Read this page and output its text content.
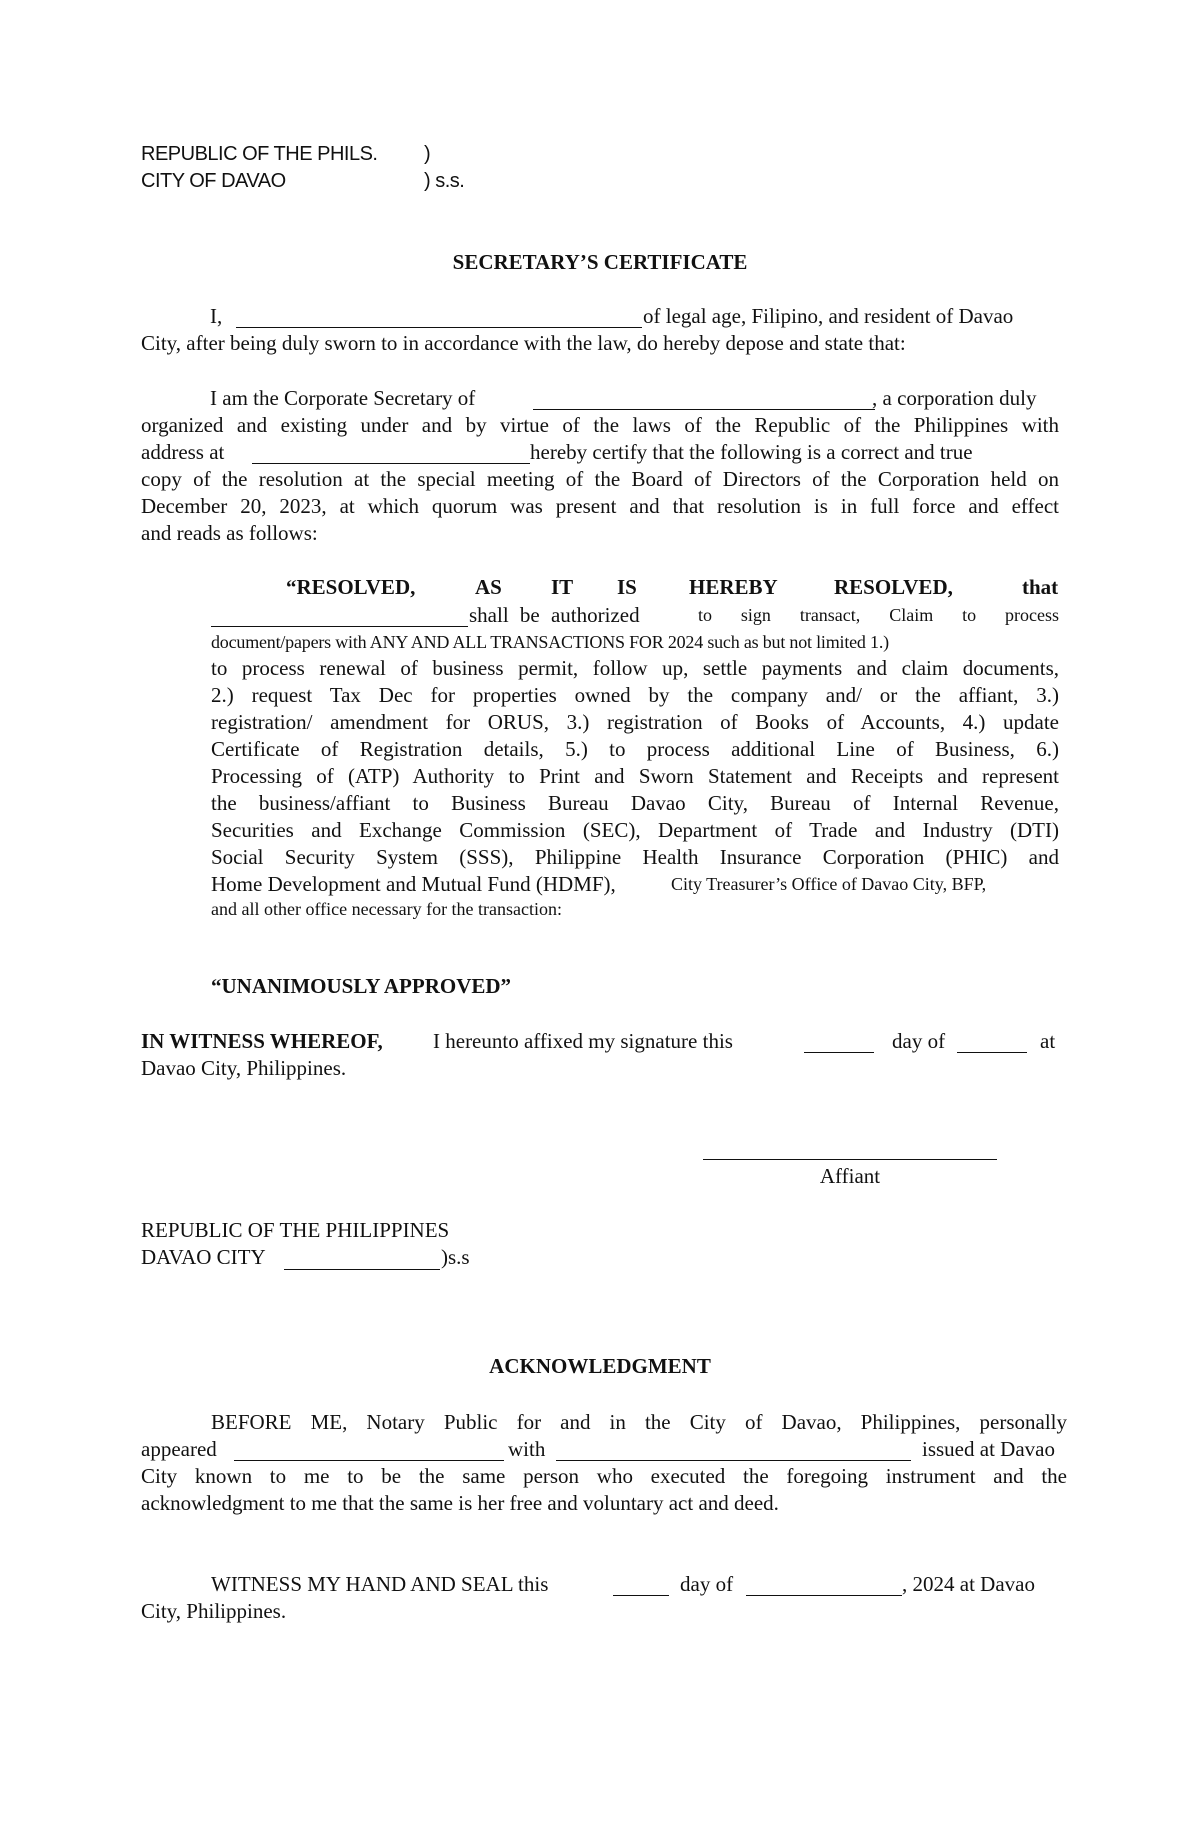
REPUBLIC OF THE PHILS. )
CITY OF DAVAO	) s.s.
SECRETARY’S CERTIFICATE
I,	of legal age, Filipino, and resident of Davao
City, after being duly sworn to in accordance with the law, do hereby depose and state that:
I am the Corporate Secretary of	, a corporation duly
organized and existing under and by virtue of the laws of the Republic of the Philippines with
address at	hereby certify that the following is a correct and true
copy of the resolution at the special meeting of the Board of Directors of the Corporation held on
December 20, 2023, at which quorum was present and that resolution is in full force and effect
and reads as follows:
“RESOLVED,	AS IT IS HEREBY	RESOLVED,	that
shall be authorized	to sign transact, Claim to process
document/papers with ANY AND ALL TRANSACTIONS FOR 2024 such as but not limited 1.)
to process renewal of business permit, follow up, settle payments and claim documents,
2.) request Tax Dec for properties owned by the company and/ or the affiant, 3.)
registration/ amendment for ORUS, 3.) registration of Books of Accounts, 4.) update
Certificate of Registration details, 5.) to process additional Line of Business, 6.)
Processing of (ATP) Authority to Print and Sworn Statement and Receipts and represent
the business/affiant to Business Bureau Davao City, Bureau of Internal Revenue,
Securities and Exchange Commission (SEC), Department of Trade and Industry (DTI)
Social Security System (SSS), Philippine Health Insurance Corporation (PHIC) and
Home Development and Mutual Fund (HDMF),	City Treasurer’s Office of Davao City, BFP,
and all other office necessary for the transaction:
“UNANIMOUSLY APPROVED”
IN WITNESS WHEREOF, I hereunto affixed my signature this	day of	at
Davao City, Philippines.
Affiant
REPUBLIC OF THE PHILIPPINES
DAVAO CITY	)s.s
ACKNOWLEDGMENT
BEFORE ME, Notary Public for and in the City of Davao, Philippines, personally
appeared	with	issued at Davao
City known to me to be the same person who executed the foregoing instrument and the
acknowledgment to me that the same is her free and voluntary act and deed.
WITNESS MY HAND AND SEAL this	day of	, 2024 at Davao
City, Philippines.
